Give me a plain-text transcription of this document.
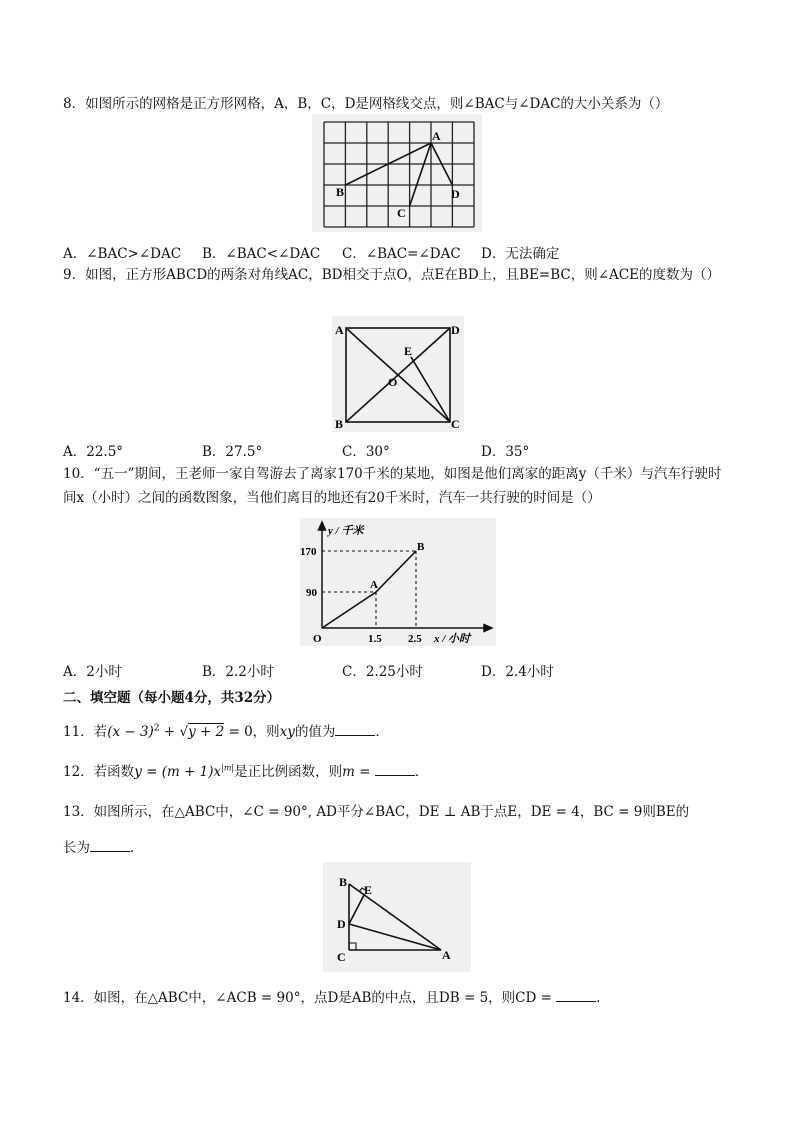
8．如图所示的网格是正方形网格，A，B，C，D是网格线交点，则∠BAC与∠DAC的大小关系为（）
A
B
C
D
A．∠BAC>∠DAC B．∠BAC<∠DAC C．∠BAC=∠DAC D．无法确定
9．如图，正方形ABCD的两条对角线AC，BD相交于点O，点E在BD上，且BE=BC，则∠ACE的度数为（）
A	D
B	C
E
O
A．22.5°	B．27.5°	C．30°	D．35°
10．“五一”期间，王老师一家自驾游去了离家170千米的某地，如图是他们离家的距离y（千米）与汽车行驶时间x（小时）之间的函数图象，当他们离目的地还有20千米时，汽车一共行驶的时间是（）
y / 千米
x / 小时
170
90
O	1.5 2.5
A
B
A．2小时	B．2.2小时	C．2.25小时	D．2.4小时
二、填空题（每小题4分，共32分）
11．若$(x - 3)^2 + √y + 2 = 0$，则xy的值为	．
12．若函数$y = (m + 1)x^{|m|}$是正比例函数，则m =	．
13．如图所示，在△ABC中，∠C = 90°, AD平分∠BAC，DE ⊥ AB于点E，DE = 4，BC = 9则BE的
长为	．
B
E
D
C	A
14．如图，在△ABC中，∠ACB = 90°，点D是AB的中点，且DB = 5，则CD =	．
